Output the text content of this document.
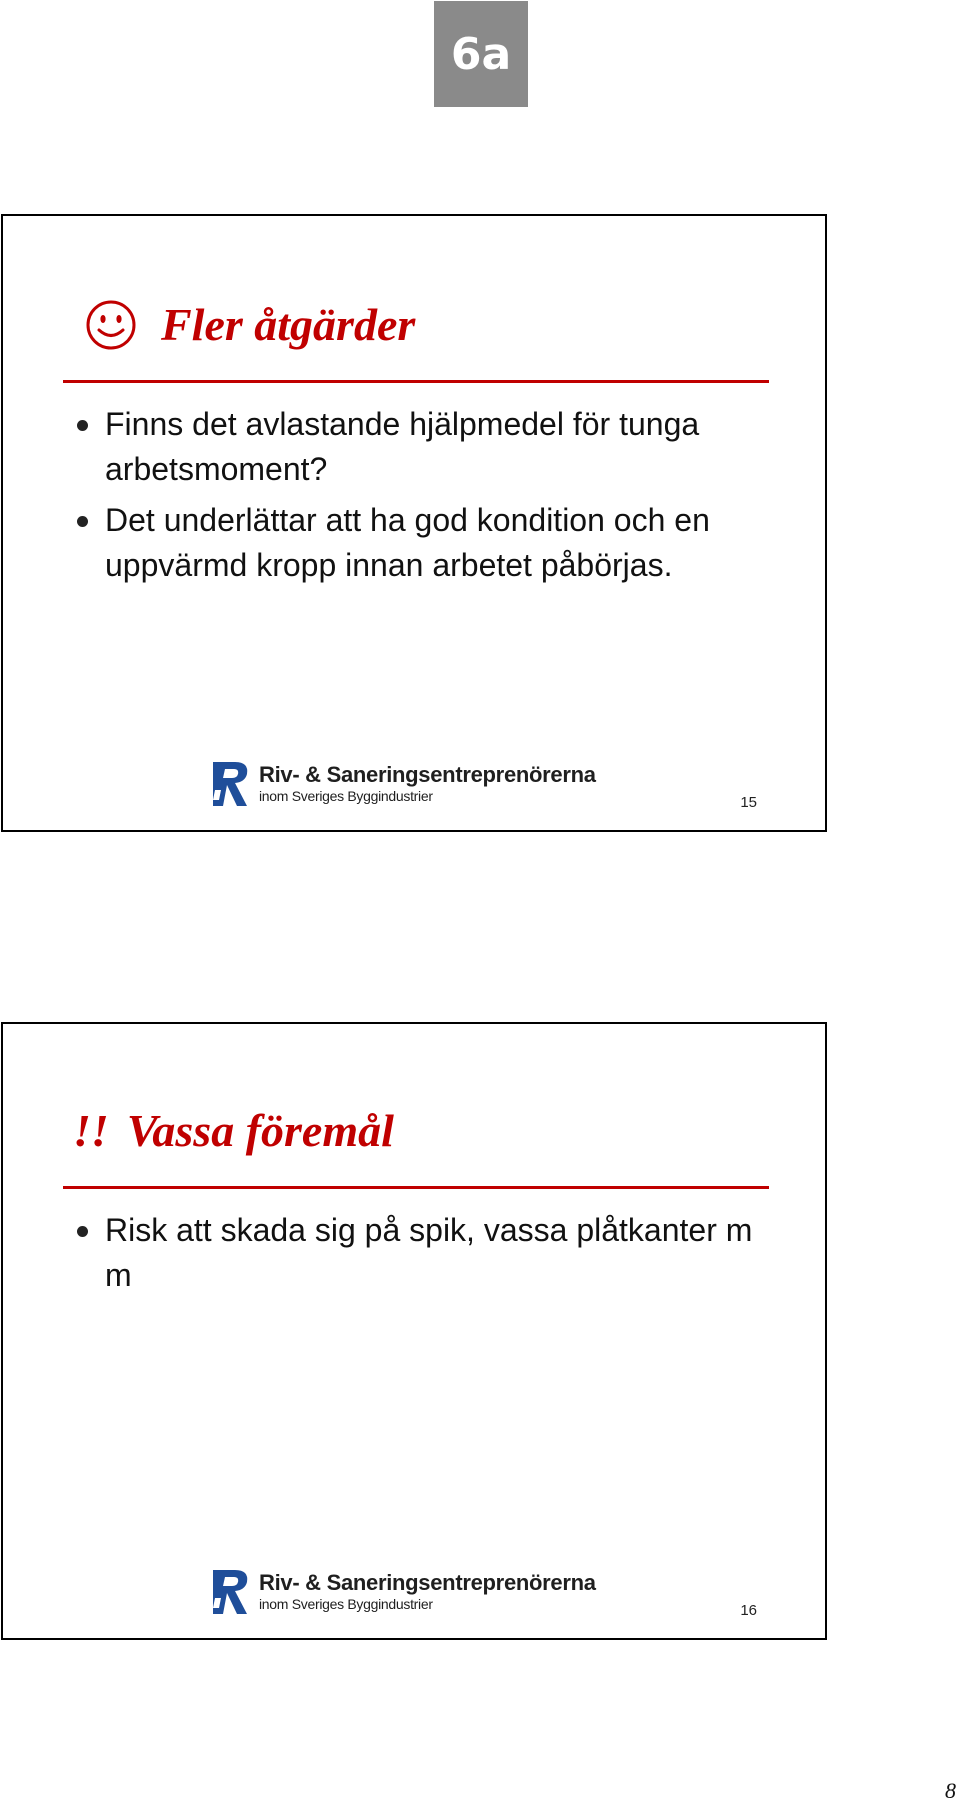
6a
Fler åtgärder
Finns det avlastande hjälpmedel för tunga arbetsmoment?
Det underlättar att ha god kondition och en uppvärmd kropp innan arbetet påbörjas.
Riv- & Saneringsentreprenörerna
inom Sveriges Byggindustrier	15
!! Vassa föremål
Risk att skada sig på spik, vassa plåtkanter m m
Riv- & Saneringsentreprenörerna
inom Sveriges Byggindustrier	16
8
